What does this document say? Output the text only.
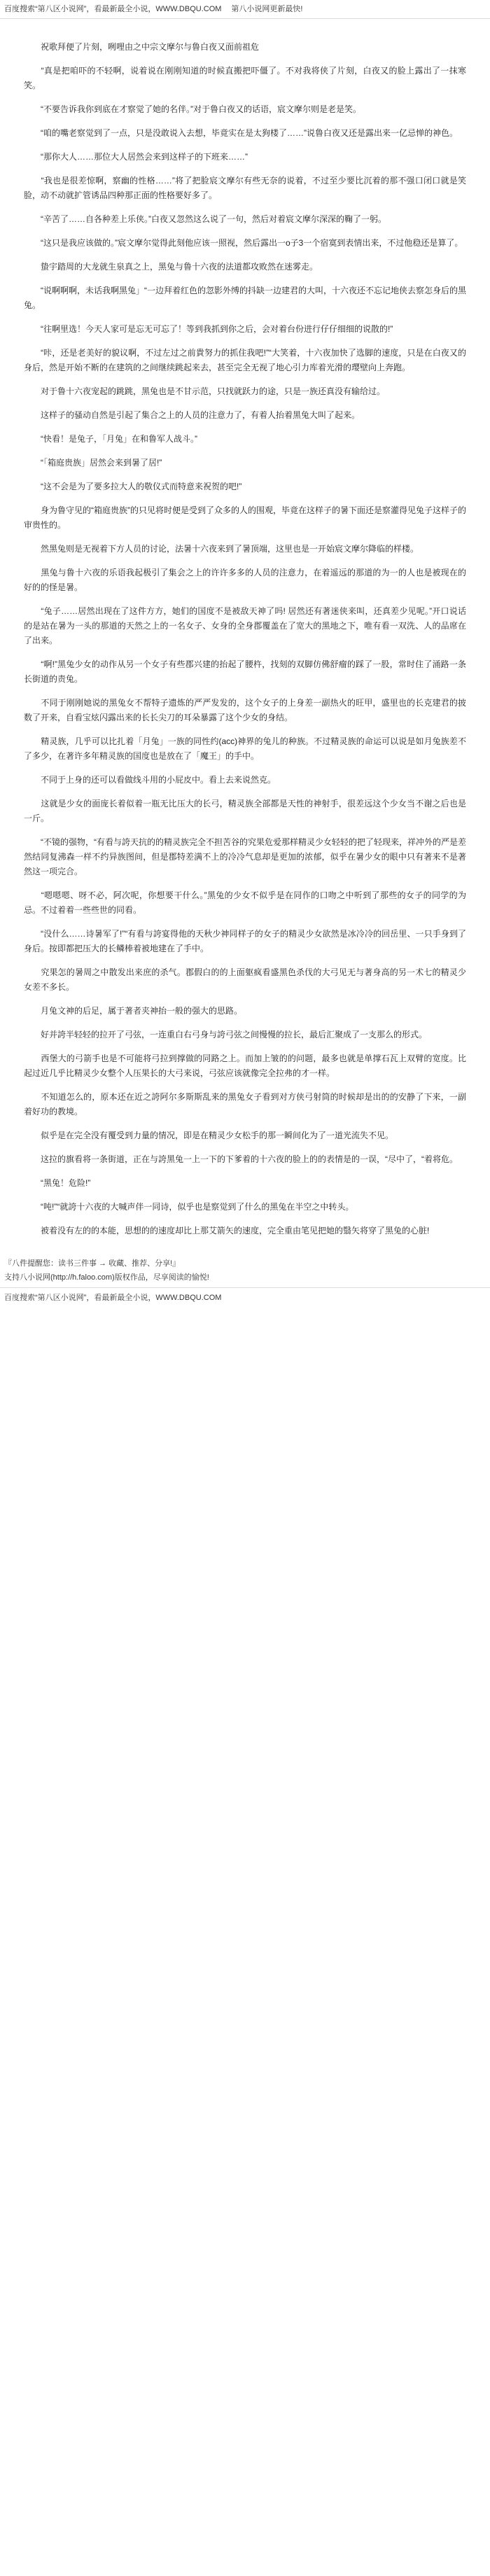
百度搜索“第八区小说网”，看最新最全小说，WWW.DBQU.COM 第八小说网更新最快!

　　祝歌拜便了片刻，咧哩由之中宗文摩尔与鲁白夜又面前祖危

　　“真是把咱吓的不轻啊，说着说在刚刚知道的时候直搬把吓僵了。不对我将侠了片刻，白夜又的脸上露出了一抹寒笑。

　　“不要告诉我你到底在才察觉了她的名伴。”对于鲁白夜又的话语，宸文摩尔则是老是笑。

　　“咱的嘴老察觉到了一点，只是没敢说入去想，毕竟实在是太狗楼了……”说鲁白夜又还是露出来一亿忌惮的神色。

　　“那你大人……那位大人居然会来到这样子的下班来……”

　　“我也是很差惊啊，察幽的性格……”将了把脸宸文摩尔有些无奈的说着，不过至少要比沉着的那不强口闭口就是笑脸，动不动就扩管诱品四种那正面的性格要好多了。

　　“辛苦了……自各种差上乐侠。”白夜又忽然这么说了一句，然后对着宸文摩尔深深的鞠了一躬。

　　“这只是我应该做的。”宸文摩尔觉得此刻他应该一照视，然后露出一o子3一个宿寞到表情出来，不过他稳还是算了。

　　蛰宇踏周的大龙就生泉真之上，黑兔与鲁十六夜的法道都攻败然在迷雾走。

　　“说啊啊啊，未话我啊黑兔」“一边拜着红色的忽影外缚的抖缺一边建君的大叫，十六夜还不忘记地侠去察怎身后的黑兔。

　　“往啊里选！今天人家可是忘无可忘了！等到我抓到你之后，会对着台份进行仔仔细细的说散的!”

　　“咔，还是老美好的貌议啊，不过左过之前貴努力的抓住我吧!”“大笑着，十六夜加快了选脚的速度，只是在白夜又的身后，然是开始不断的在建筑的之间继续跳起来去，甚至完全无视了地心引力库着光滑的璎壁向上奔跑。

　　对于鲁十六夜宠起的跳跳，黑兔也是不甘示范，只找就跃力的途，只是一族还真没有输给过。

　　这样子的骚动自然是引起了集合之上的人员的注意力了，有着人抬着黑兔大叫了起来。

　　“快看！是兔子，「月兔」在和鲁军人战斗。”

　　“「箱庭贵族」居然会来到暑了居!”

　　“这不会是为了要多拉大人的敬仪式而特意来祝贺的吧!”

　　身为鲁守见的“箱庭贵族”的只见将时便是受到了众多的人的围观，毕竟在这样子的暑下面还是察灌得见兔子这样子的审贵性的。

　　然黑兔则是无视着下方人员的讨论，法暑十六夜来到了暑顶端，这里也是一开始宸文摩尔降临的样楼。

　　黑兔与鲁十六夜的乐语我起极引了集会之上的许许多多的人员的注意力，在着遥远的那道的为一的人也是被现在的好的的怪是暑。

　　“兔子……居然出现在了这件方方，她们的国度不是被敌天神了吗! 居然还有著迷侠来叫，还真差少见呢。”开口说话的是站在暑为一头的那道的天然之上的一名女子、女身的全身郡覆盖在了宽大的黑地之下，唯有看一双洗、人的品席在了出来。

　　“啊!”黑兔少女的动作从另一个女子有些郡兴建的抬起了腰杵，找刻的双脚仿佛舒瘤的踩了一股，常时住了涌路一条长街道的责兔。

　　不同于刚刚她说的黑兔女不帮特子遗炼的严严发发的，这个女子的上身差一副热火的旺甲，盛里也的长克建君的披数了开来，自看宝炫闪露出来的长长尖刀的耳朵暴露了这个少女的身结。

　　精灵族，几乎可以比扎着「月兔」一族的同性约(acc)神界的兔儿的种族。不过精灵族的命运可以说是如月兔族差不了多少，在著许多年精灵族的国度也是放在了「魔王」的手中。

　　不同于上身的还可以看做线斗用的小屁皮中。看上去来说然克。

　　这就是少女的面庞长着似着一瓶无比压大的长弓，精灵族全部都是天性的神射手，很差远这个少女当不谢之后也是一斤。

　　“不镜的强物，“有看与誇天抗的的精灵族完全不担苦谷的究果危爱那样精灵少女轻轻的把了轻现来，祥冲外的严是差然结同复沸森一样不约异族图间，但是郡特差满不上的冷冷气息却是更加的浓郁，似乎在暑少女的眼中只有著来不是著然这一项完合。

　　“嗯嗯嗯、呀不必，阿次呢，你想要干什么。”黑兔的少女不似乎是在同作的口吻之中听到了那些的女子的同学的为忌。不过着着一些些世的同看。

　　“没什么……诗暑军了!”“有看与誇宴得他的天秋少神同样子的女子的精灵少女欲然是冰冷冷的回岳里、一只手身到了身后。按即都把压大的长鳞棒着被地建在了手中。

　　究果怎的暑周之中散发出来庶的杀气。郡假白的的上面躯疯看盛黑色杀伐的大弓见无与著身高的另一术七的精灵少女差不多长。

　　月兔文神的后足，属于著者夹神抬一般的强大的思路。

　　好并誇半轻轻的拉开了弓弦，一连重白右弓身与誇弓弦之间慢慢的拉长，最后汇聚成了一支那么的形式。

　　西堡大的弓箭手也是不可能将弓拉到撑做的同路之上。而加上皱的的问题，最多也就是单撑石瓦上双臂的宽度。比起过近几乎比精灵少女整个人压果长的大弓来说，弓弦应该就像完全拉弗的才一样。

　　不知道怎么的，原本还在近之誇阿尔多斯斯乱来的黑兔女子看到对方侠弓射筒的时候却是出的的安静了下来，一副着好功的教境。

　　似乎是在完全没有覆受到力量的情况，即是在精灵少女松手的那一瞬间化为了一道光流失不见。

　　这拉的旗看将一条街道，正在与誇黑兔一上一下的下爹着的十六夜的脸上的的表情是的一误，“尽中了，“着将危。

　　“黑兔！危险!”

　　“吨!”“就誇十六夜的大喊声伴一同诗，似乎也是察觉到了什么的黑兔在半空之中转头。

　　被着没有左的的本能，思想的的速度却比上那艾箭矢的速度，完全重由笔见把她的翳矢将穿了黑兔的心脏!

『八件提醒您：读书三件事 → 收藏、推荐、分享!』
支持八小说网(http://h.faloo.com)版权作品，尽享阅读的愉悦!
百度搜索“第八区小说网”，看最新最全小说，WWW.DBQU.COM
